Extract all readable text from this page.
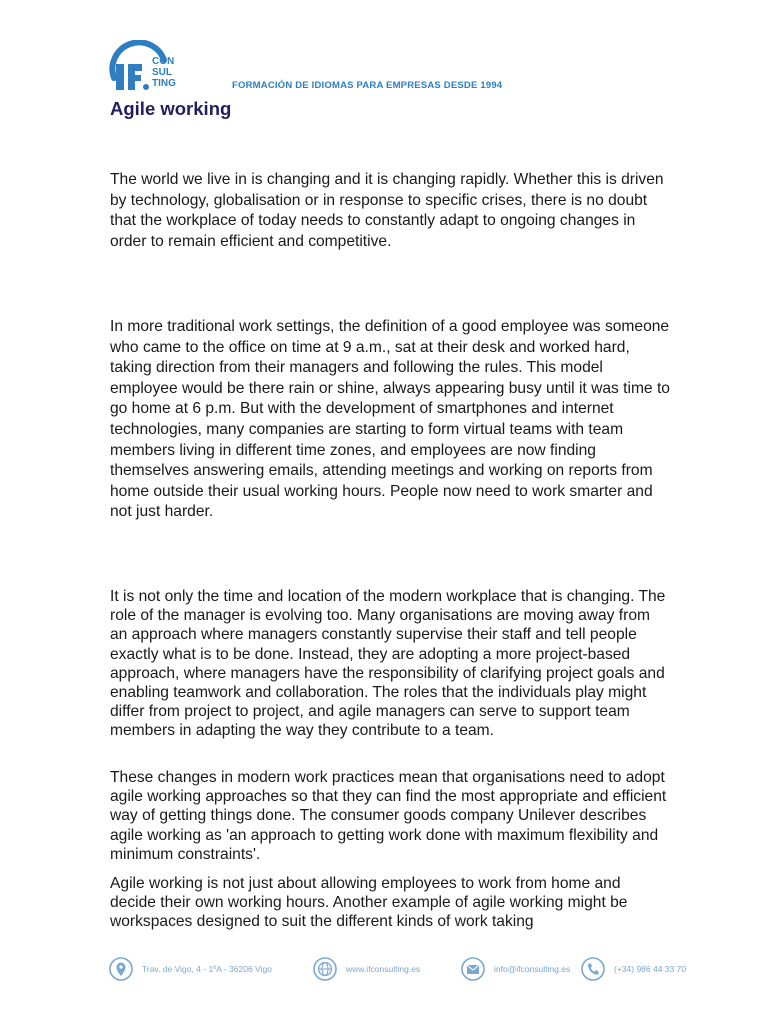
CON
SUL
TING	FORMACIÓN DE IDIOMAS PARA EMPRESAS DESDE 1994
Agile working

The world we live in is changing and it is changing rapidly. Whether this is driven by technology, globalisation or in response to specific crises, there is no doubt that the workplace of today needs to constantly adapt to ongoing changes in order to remain efficient and competitive.

In more traditional work settings, the definition of a good employee was someone who came to the office on time at 9 a.m., sat at their desk and worked hard, taking direction from their managers and following the rules. This model employee would be there rain or shine, always appearing busy until it was time to go home at 6 p.m. But with the development of smartphones and internet technologies, many companies are starting to form virtual teams with team members living in different time zones, and employees are now finding themselves answering emails, attending meetings and working on reports from home outside their usual working hours. People now need to work smarter and not just harder.

It is not only the time and location of the modern workplace that is changing. The role of the manager is evolving too. Many organisations are moving away from an approach where managers constantly supervise their staff and tell people exactly what is to be done. Instead, they are adopting a more project-based approach, where managers have the responsibility of clarifying project goals and enabling teamwork and collaboration. The roles that the individuals play might differ from project to project, and agile managers can serve to support team members in adapting the way they contribute to a team.

These changes in modern work practices mean that organisations need to adopt agile working approaches so that they can find the most appropriate and efficient way of getting things done. The consumer goods company Unilever describes agile working as 'an approach to getting work done with maximum flexibility and minimum constraints'.

Agile working is not just about allowing employees to work from home and decide their own working hours. Another example of agile working might be workspaces designed to suit the different kinds of work taking

Trav. de Vigo, 4 - 1ºA - 36206 Vigo	www.ifconsulting.es	info@ifconsulting.es	(+34) 986 44 33 70
